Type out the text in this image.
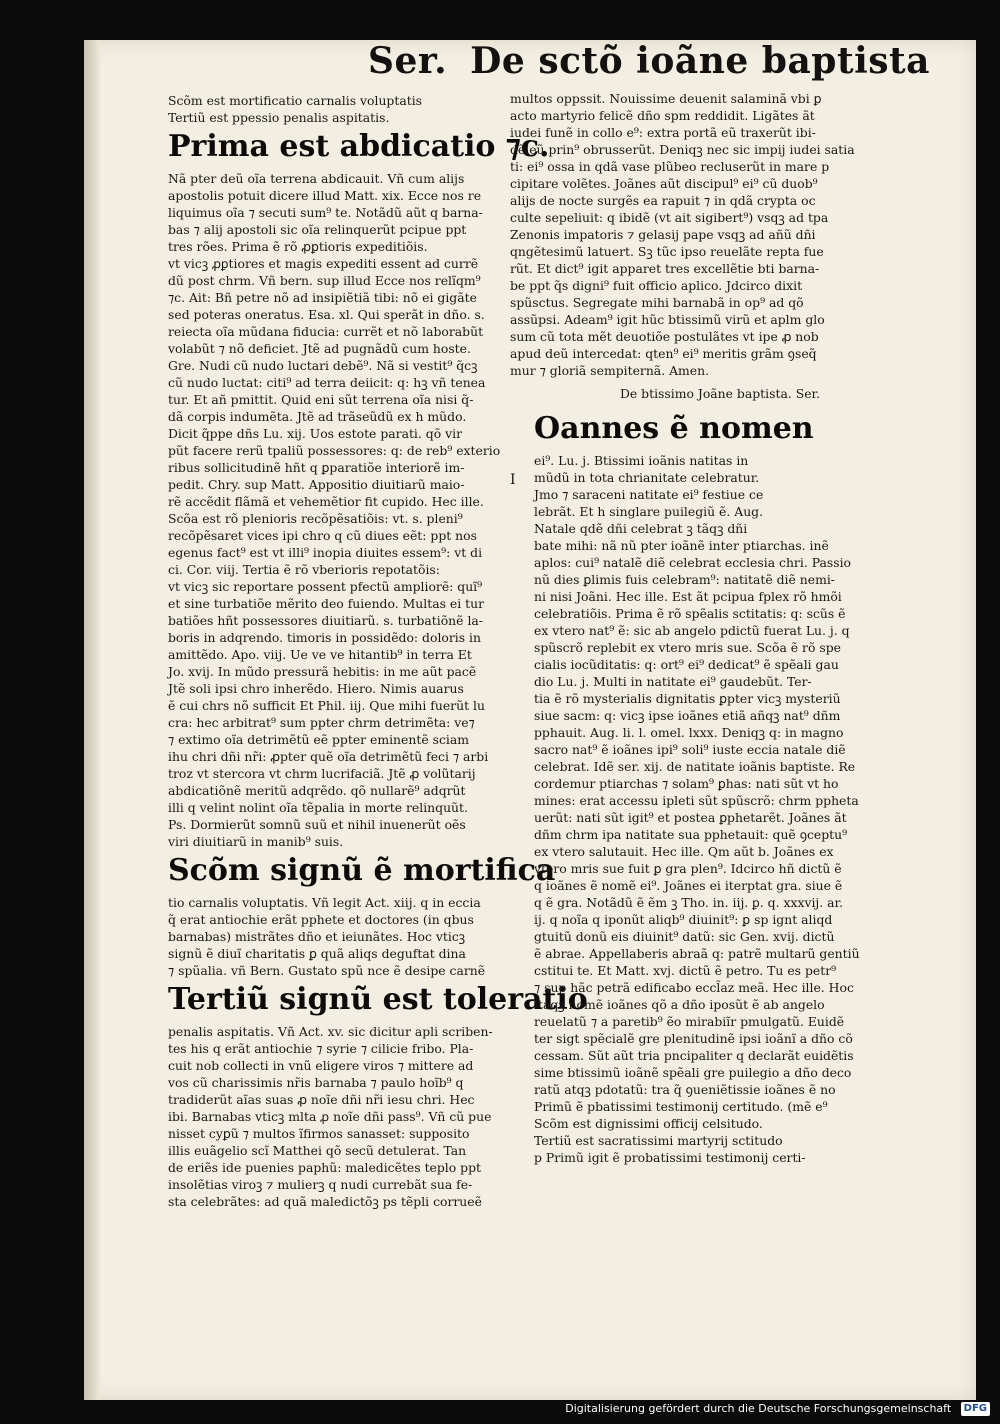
Ser. De sctõ ioãne baptista
Scõm est mortificatio carnalis voluptatis
Tertiũ est ppessio penalis aspitatis.
Prima est abdicatio ⁊c.
Nã pter deũ oĩa terrena abdicauit. Vñ cum alijs
apostolis potuit dicere illud Matt. xix. Ecce nos re
liquimus oĩa ⁊ secuti sum⁹ te. Notãdũ aũt q barna-
bas ⁊ alij apostoli sic oĩa relinquerũt pcipue ppt
tres rões. Prima ẽ rõ ꝓꝑtioris expeditiõis.
vt vicꝫ ꝓꝑtiores et magis expediti essent ad currẽ
dũ post chrm. Vñ bern. sup illud Ecce nos relĩqm⁹
⁊c. Ait: Bñ petre nõ ad insipiẽtiã tibi: nõ ei gigãte
sed poteras oneratus. Esa. xl. Qui sperãt in dño. s.
reiecta oĩa mũdana fiducia: currẽt et nõ laborabũt
volabũt ⁊ nõ deficiet. Jtẽ ad pugnãdũ cum hoste.
Gre. Nudi cũ nudo luctari debẽ⁹. Nã si vestit⁹ q̃cꝫ
cũ nudo luctat: citi⁹ ad terra deiicit: q: hꝫ vñ tenea
tur. Et añ pmittit. Quid eni sũt terrena oĩa nisi q̃-
dã corpis indumẽta. Jtẽ ad trãseũdũ ex h mũdo.
Dicit q̃ppe dñs Lu. xij. Uos estote parati. qõ vir
pũt facere rerũ tpaliũ possessores: q: de reb⁹ exterio
ribus sollicitudinẽ hñt q ꝑparatiõe interiorẽ im-
pedit. Chry. sup Matt. Appositio diuitiarũ maio-
rẽ accẽdit flãmã et vehemẽtior fit cupido. Hec ille.
Scõa est rõ plenioris recõpẽsatiõis: vt. s. pleni⁹
recõpẽsaret vices ipi chro q cũ diues eẽt: ppt nos
egenus fact⁹ est vt illi⁹ inopia diuites essem⁹: vt di
ci. Cor. viij. Tertia ẽ rõ vberioris repotatõis:
vt vicꝫ sic reportare possent pfectũ ampliorẽ: quĩ⁹
et sine turbatiõe mẽrito deo fuiendo. Multas ei tur
batiões hñt possessores diuitiarũ. s. turbatiõnẽ la-
boris in adqrendo. timoris in possidẽdo: doloris in
amittẽdo. Apo. viij. Ue ve ve hitantib⁹ in terra Et
Jo. xvij. In mũdo pressurã hebitis: in me aũt pacẽ
Jtẽ soli ipsi chro inherẽdo. Hiero. Nimis auarus
ẽ cui chrs nõ sufficit Et Phil. iij. Que mihi fuerũt lu
cra: hec arbitrat⁹ sum ppter chrm detrimẽta: ve⁊
⁊ extimo oĩa detrimẽtũ eẽ ppter eminentẽ sciam
ihu chri dñi nr̃i: ꝓpter quẽ oĩa detrimẽtũ feci ⁊ arbi
troz vt stercora vt chrm lucrifaciã. Jtẽ ꝓ volũtarij
abdicatiõnẽ meritũ adqrẽdo. qõ nullarẽ⁹ adqrũt
illi q velint nolint oĩa tẽpalia in morte relinquũt.
Ps. Dormierũt somnũ suũ et nihil inuenerũt oẽs
viri diuitiarũ in manib⁹ suis.
Scõm signũ ẽ mortifica
tio carnalis voluptatis. Vñ legit Act. xiij. q in eccia
q̃ erat antiochie erãt pphete et doctores (in qbus
barnabas) mistrãtes dño et ieiunãtes. Hoc vticꝫ
signũ ẽ diuĩ charitatis ꝑ quã aliqs deguftat dina
⁊ spũalia. vñ Bern. Gustato spũ nce ẽ desipe carnẽ
Tertiũ signũ est toleratio
penalis aspitatis. Vñ Act. xv. sic dicitur apli scriben-
tes his q erãt antiochie ⁊ syrie ⁊ cilicie fribo. Pla-
cuit nob collecti in vnũ eligere viros ⁊ mittere ad
vos cũ charissimis nr̃is barnaba ⁊ paulo hoĩb⁹ q
tradiderũt aĩas suas ꝓ noĩe dñi nr̃i iesu chri. Hec
ibi. Barnabas vticꝫ mlta ꝓ noĩe dñi pass⁹. Vñ cũ pue
nisset cyꝑũ ⁊ multos ĩfirmos sanasset: supposito
illis euãgelio scĩ Matthei qõ secũ detulerat. Tan
de eriẽs ide puenies paphũ: maledicẽtes teplo ppt
insolẽtias viroꝫ ⁊ mulierꝫ q nudi currebãt sua fe-
sta celebrãtes: ad quã maledictõꝫ ps tẽpli corrueẽ
multos oppssit. Nouissime deuenit salaminã vbi ꝑ
acto martyrio felicẽ dño spm reddidit. Ligãtes ãt
iudei funẽ in collo e⁹: extra portã eũ traxerũt ibi-
dẽ eũ prin⁹ obrusserũt. Deniqꝫ nec sic impij iudei satia
ti: ei⁹ ossa in qdã vase plũbeo recluserũt in mare p
cipitare volẽtes. Joãnes aũt discipul⁹ ei⁹ cũ duob⁹
alijs de nocte surgẽs ea rapuit ⁊ in qdã crypta oc
culte sepeliuit: q ibidẽ (vt ait sigibert⁹) vsqꝫ ad tpa
Zenonis impatoris ⁊ gelasij pape vsqꝫ ad añũ dñi
qngẽtesimũ latuert. Sꝫ tũc ipso reuelãte repta fue
rũt. Et dict⁹ igit apparet tres excellẽtie bti barna-
be ppt q̃s digni⁹ fuit officio aplico. Jdcirco dixit
spũsctus. Segregate mihi barnabã in op⁹ ad qõ
assũpsi. Adeam⁹ igit hũc btissimũ virũ et aplm glo
sum cũ tota mẽt deuotiõe postulãtes vt ipe ꝓ nob
apud deũ intercedat: qten⁹ ei⁹ meritis grãm ꝯseq̃
mur ⁊ gloriã sempiternã. Amen.
De btissimo Joãne baptista. Ser.
I
Oannes ẽ nomen
ei⁹. Lu. j. Btissimi ioãnis natitas in
mũdũ in tota chrianitate celebratur.
Jmo ⁊ saraceni natitate ei⁹ festiue ce
lebrãt. Et h singlare puilegiũ ẽ. Aug.
Natale qdẽ dñi celebrat ꝫ tãqꝫ dñi
bate mihi: nã nũ pter ioãnẽ inter ptiarchas. inẽ
aplos: cui⁹ natalẽ diẽ celebrat ecclesia chri. Passio
nũ dies ꝑlimis fuis celebram⁹: natitatẽ diẽ nemi-
ni nisi Joãni. Hec ille. Est ãt pcipua fplex rõ hmõi
celebratiõis. Prima ẽ rõ spẽalis sctitatis: q: scũs ẽ
ex vtero nat⁹ ẽ: sic ab angelo pdictũ fuerat Lu. j. q
spũscrõ replebit ex vtero mris sue. Scõa ẽ rõ spe
cialis iocũditatis: q: ort⁹ ei⁹ dedicat⁹ ẽ spẽali gau
dio Lu. j. Multi in natitate ei⁹ gaudebũt. Ter-
tia ẽ rõ mysterialis dignitatis ꝑpter vicꝫ mysteriũ
siue sacm: q: vicꝫ ipse ioãnes etiã añqꝫ nat⁹ dñm
pphauit. Aug. li. l. omel. lxxx. Deniqꝫ q: in magno
sacro nat⁹ ẽ ioãnes ipi⁹ soli⁹ iuste eccia natale diẽ
celebrat. Idẽ ser. xij. de natitate ioãnis baptiste. Re
cordemur ptiarchas ⁊ solam⁹ ꝑhas: nati sũt vt ho
mines: erat accessu ipleti sũt spũscrõ: chrm ppheta
uerũt: nati sũt igit⁹ et postea ꝑphetarẽt. Joãnes ãt
dñm chrm ipa natitate sua pphetauit: quẽ ꝯceptu⁹
ex vtero salutauit. Hec ille. Qm aũt b. Joãnes ex
vtero mris sue fuit ꝑ gra plen⁹. Idcirco hñ dictũ ẽ
q ioãnes ẽ nomẽ ei⁹. Joãnes ei iterptat gra. siue ẽ
q ẽ gra. Notãdũ ẽ ẽm ꝫ Tho. in. iij. ꝑ. q. xxxvij. ar.
ij. q noĩa q iponũt aliqb⁹ diuinit⁹: ꝑ sp ignt aliqd
gtuitũ donũ eis diuinit⁹ datũ: sic Gen. xvij. dictũ
ẽ abrae. Appellaberis abraã q: patrẽ multarũ gentiũ
cstitui te. Et Matt. xvj. dictũ ẽ petro. Tu es petr⁹
⁊ sup hãc petrã edificabo eccl̃az meã. Hec ille. Hoc
itaqꝫ nomẽ ioãnes qõ a dño iposũt ẽ ab angelo
reuelatũ ⁊ a paretib⁹ ẽo mirabiĩr pmulgatũ. Euidẽ
ter sigt spẽcialẽ gre plenitudinẽ ipsi ioãnĩ a dño cõ
cessam. Sũt aũt tria pncipaliter q declarãt euidẽtis
sime btissimũ ioãnẽ spẽali gre puilegio a dño deco
ratũ atqꝫ pdotatũ: tra q̃ ꝯueniẽtissie ioãnes ẽ no
Primũ ẽ pbatissimi testimonij certitudo. (mẽ e⁹
Scõm est dignissimi officij celsitudo.
Tertiũ est sacratissimi martyrij sctitudo
p Primũ igit ẽ probatissimi testimonij certi-
Digitalisierung gefördert durch die Deutsche Forschungsgemeinschaft DFG
